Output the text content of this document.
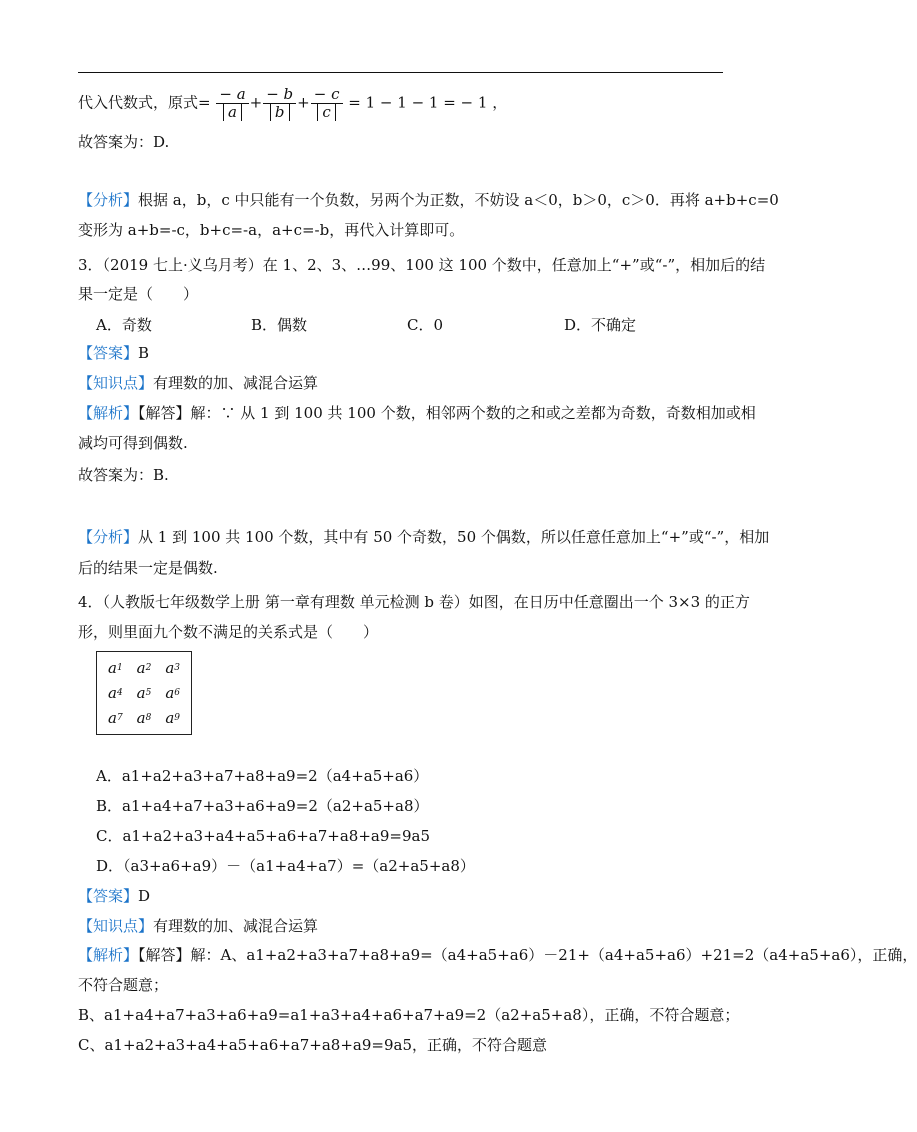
代入代数式，原式= $\frac{- a}{a} + \frac{- b}{b} + \frac{- c}{c} = 1 - 1 - 1$ = − 1 ，
故答案为：D.
【分析】根据 a，b，c 中只能有一个负数，另两个为正数，不妨设 a＜0，b＞0，c＞0．再将 a+b+c=0
变形为 a+b=-c，b+c=-a，a+c=-b，再代入计算即可。
3．（2019 七上·义乌月考）在 1、2、3、…99、100 这 100 个数中，任意加上“+”或“-”，相加后的结
果一定是（　　）
A．奇数	B．偶数	C．0	D．不确定
【答案】B
【知识点】有理数的加、减混合运算
【解析】【解答】解：∵ 从 1 到 100 共 100 个数，相邻两个数的之和或之差都为奇数，奇数相加或相
减均可得到偶数.
故答案为：B.
【分析】从 1 到 100 共 100 个数，其中有 50 个奇数，50 个偶数，所以任意任意加上“+”或“-”，相加
后的结果一定是偶数.
4．（人教版七年级数学上册 第一章有理数 单元检测 b 卷）如图，在日历中任意圈出一个 3×3 的正方
形，则里面九个数不满足的关系式是（　　）
a 1 a 2 a 3
a 4 a 5 a 6
a 7 a 8 a 9
A．a1+a2+a3+a7+a8+a9=2（a4+a5+a6）
B．a1+a4+a7+a3+a6+a9=2（a2+a5+a8）
C．a1+a2+a3+a4+a5+a6+a7+a8+a9=9a5
D．（a3+a6+a9）－（a1+a4+a7）=（a2+a5+a8）
【答案】D
【知识点】有理数的加、减混合运算
【解析】【解答】解：A、a1+a2+a3+a7+a8+a9=（a4+a5+a6）－21+（a4+a5+a6）+21=2（a4+a5+a6），正确，
不符合题意；
B、a1+a4+a7+a3+a6+a9=a1+a3+a4+a6+a7+a9=2（a2+a5+a8），正确，不符合题意；
C、a1+a2+a3+a4+a5+a6+a7+a8+a9=9a5，正确，不符合题意
